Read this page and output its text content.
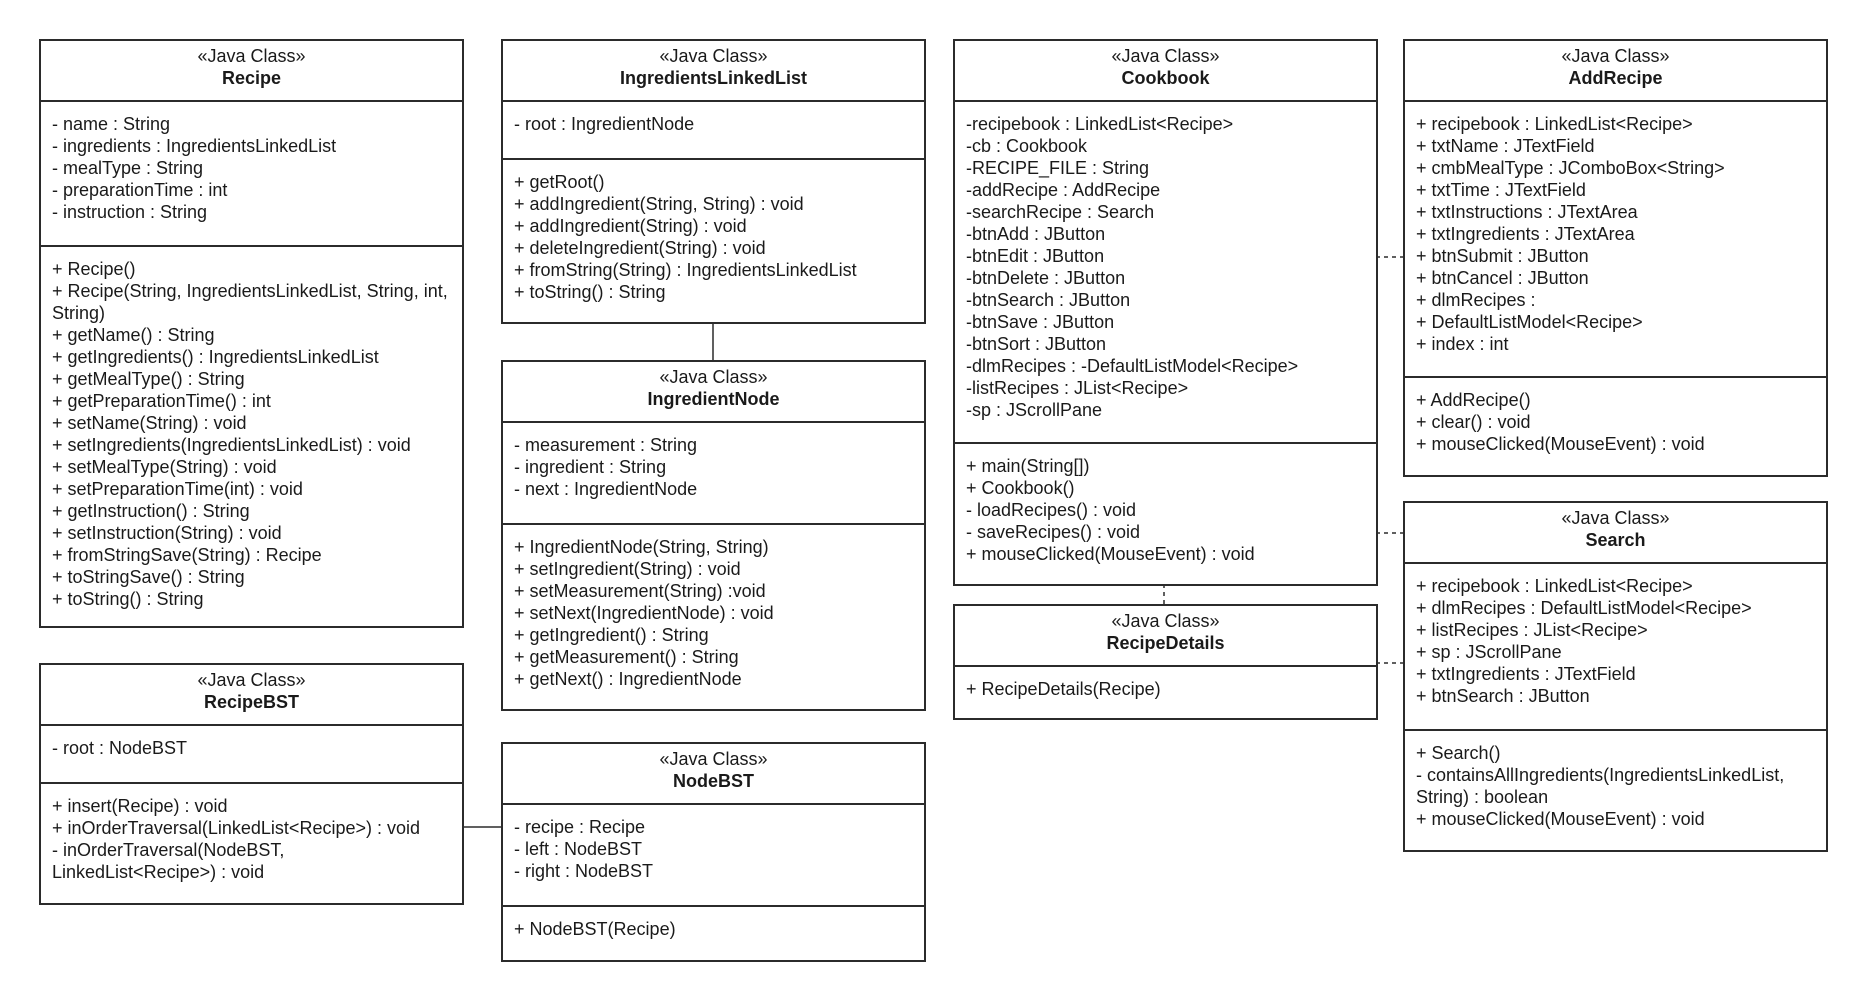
«Java Class»
Recipe
- name : String
- ingredients : IngredientsLinkedList
- mealType : String
- preparationTime : int
- instruction : String
+ Recipe()
+ Recipe(String, IngredientsLinkedList, String, int, String)
+ getName() : String
+ getIngredients() : IngredientsLinkedList
+ getMealType() : String
+ getPreparationTime() : int
+ setName(String) : void
+ setIngredients(IngredientsLinkedList) : void
+ setMealType(String) : void
+ setPreparationTime(int) : void
+ getInstruction() : String
+ setInstruction(String) : void
+ fromStringSave(String) : Recipe
+ toStringSave() : String
+ toString() : String
«Java Class»
RecipeBST
- root : NodeBST
+ insert(Recipe) : void
+ inOrderTraversal(LinkedList<Recipe>) : void
- inOrderTraversal(NodeBST, LinkedList<Recipe>) : void
«Java Class»
IngredientsLinkedList
- root : IngredientNode
+ getRoot()
+ addIngredient(String, String) : void
+ addIngredient(String) : void
+ deleteIngredient(String) : void
+ fromString(String) : IngredientsLinkedList
+ toString() : String
«Java Class»
IngredientNode
- measurement : String
- ingredient : String
- next : IngredientNode
+ IngredientNode(String, String)
+ setIngredient(String) : void
+ setMeasurement(String) :void
+ setNext(IngredientNode) : void
+ getIngredient() : String
+ getMeasurement() : String
+ getNext() : IngredientNode
«Java Class»
NodeBST
- recipe : Recipe
- left : NodeBST
- right : NodeBST
+ NodeBST(Recipe)
«Java Class»
Cookbook
-recipebook : LinkedList<Recipe>
-cb : Cookbook
-RECIPE_FILE : String
-addRecipe : AddRecipe
-searchRecipe : Search
-btnAdd : JButton
-btnEdit : JButton
-btnDelete : JButton
-btnSearch : JButton
-btnSave : JButton
-btnSort : JButton
-dlmRecipes : -DefaultListModel<Recipe>
-listRecipes : JList<Recipe>
-sp : JScrollPane
+ main(String[])
+ Cookbook()
- loadRecipes() : void
- saveRecipes() : void
+ mouseClicked(MouseEvent) : void
«Java Class»
RecipeDetails
+ RecipeDetails(Recipe)
«Java Class»
AddRecipe
+ recipebook : LinkedList<Recipe>
+ txtName : JTextField
+ cmbMealType : JComboBox<String>
+ txtTime : JTextField
+ txtInstructions : JTextArea
+ txtIngredients : JTextArea
+ btnSubmit : JButton
+ btnCancel : JButton
+ dlmRecipes :
+ DefaultListModel<Recipe>
+ index : int
+ AddRecipe()
+ clear() : void
+ mouseClicked(MouseEvent) : void
«Java Class»
Search
+ recipebook : LinkedList<Recipe>
+ dlmRecipes : DefaultListModel<Recipe>
+ listRecipes : JList<Recipe>
+ sp : JScrollPane
+ txtIngredients : JTextField
+ btnSearch : JButton
+ Search()
- containsAllIngredients(IngredientsLinkedList, String) : boolean
+ mouseClicked(MouseEvent) : void
